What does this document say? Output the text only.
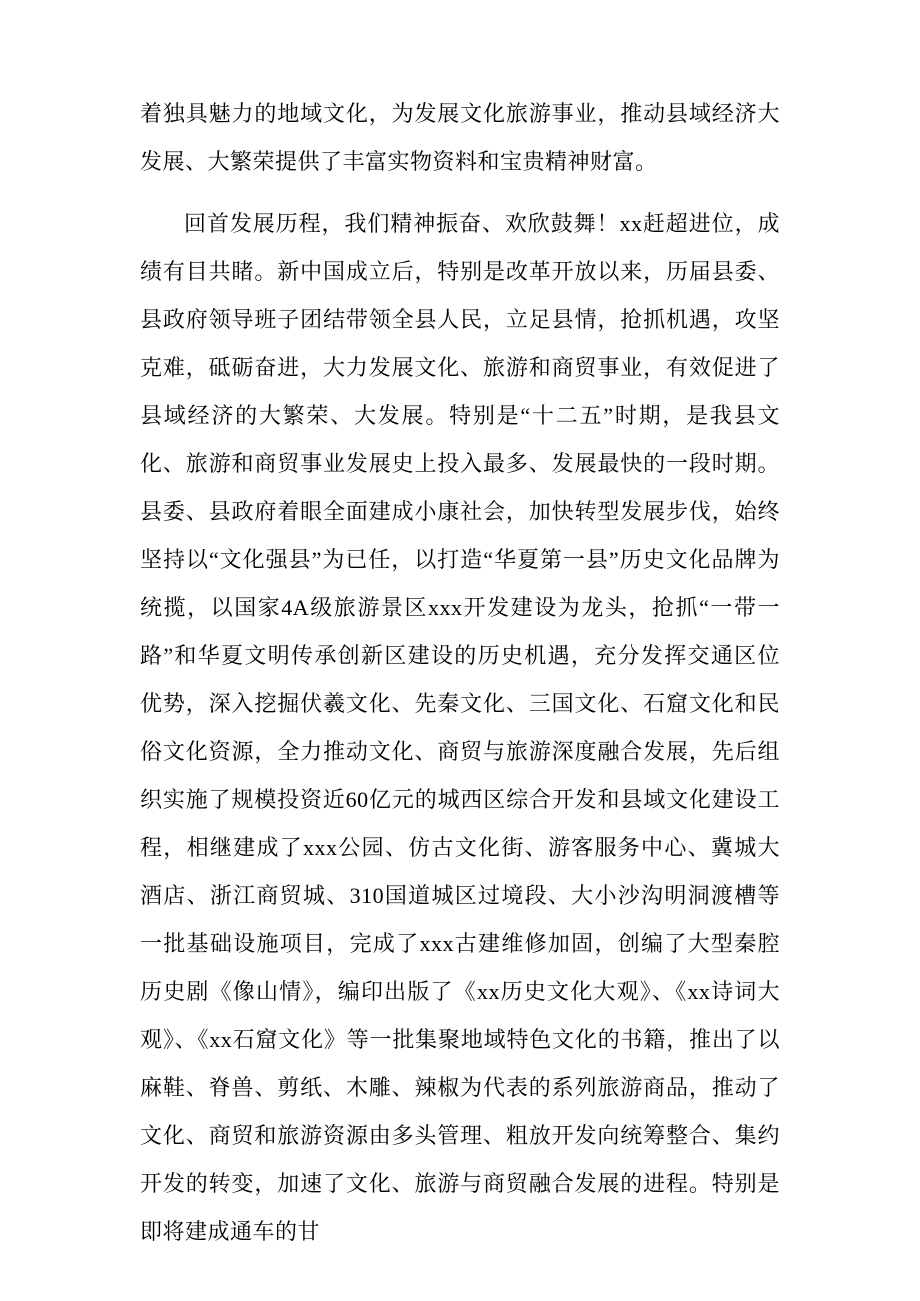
着独具魅力的地域文化，为发展文化旅游事业，推动县域经济大发展、大繁荣提供了丰富实物资料和宝贵精神财富。

回首发展历程，我们精神振奋、欢欣鼓舞！xx赶超进位，成绩有目共睹。新中国成立后，特别是改革开放以来，历届县委、县政府领导班子团结带领全县人民，立足县情，抢抓机遇，攻坚克难，砥砺奋进，大力发展文化、旅游和商贸事业，有效促进了县域经济的大繁荣、大发展。特别是“十二五”时期，是我县文化、旅游和商贸事业发展史上投入最多、发展最快的一段时期。县委、县政府着眼全面建成小康社会，加快转型发展步伐，始终坚持以“文化强县”为已任，以打造“华夏第一县”历史文化品牌为统揽，以国家4A级旅游景区xxx开发建设为龙头，抢抓“一带一路”和华夏文明传承创新区建设的历史机遇，充分发挥交通区位优势，深入挖掘伏羲文化、先秦文化、三国文化、石窟文化和民俗文化资源，全力推动文化、商贸与旅游深度融合发展，先后组织实施了规模投资近60亿元的城西区综合开发和县域文化建设工程，相继建成了xxx公园、仿古文化街、游客服务中心、冀城大酒店、浙江商贸城、310国道城区过境段、大小沙沟明洞渡槽等一批基础设施项目，完成了xxx古建维修加固，创编了大型秦腔历史剧《像山情》，编印出版了《xx历史文化大观》、《xx诗词大观》、《xx石窟文化》等一批集聚地域特色文化的书籍，推出了以麻鞋、脊兽、剪纸、木雕、辣椒为代表的系列旅游商品，推动了文化、商贸和旅游资源由多头管理、粗放开发向统筹整合、集约开发的转变，加速了文化、旅游与商贸融合发展的进程。特别是即将建成通车的甘
